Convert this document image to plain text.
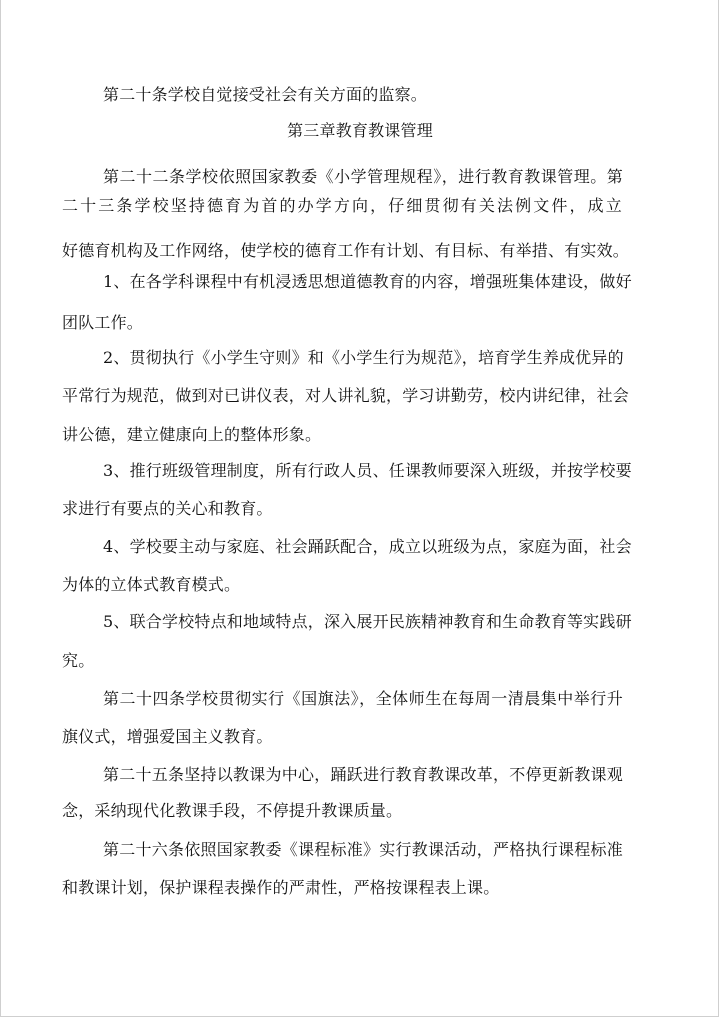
第二十条学校自觉接受社会有关方面的监察。
第三章教育教课管理
第二十二条学校依照国家教委《小学管理规程》，进行教育教课管理。第
二十三条学校坚持德育为首的办学方向，仔细贯彻有关法例文件，成立
好德育机构及工作网络，使学校的德育工作有计划、有目标、有举措、有实效。
1、在各学科课程中有机浸透思想道德教育的内容，增强班集体建设，做好
团队工作。
2、贯彻执行《小学生守则》和《小学生行为规范》，培育学生养成优异的
平常行为规范，做到对已讲仪表，对人讲礼貌，学习讲勤劳，校内讲纪律，社会
讲公德，建立健康向上的整体形象。
3、推行班级管理制度，所有行政人员、任课教师要深入班级，并按学校要
求进行有要点的关心和教育。
4、学校要主动与家庭、社会踊跃配合，成立以班级为点，家庭为面，社会
为体的立体式教育模式。
5、联合学校特点和地域特点，深入展开民族精神教育和生命教育等实践研
究。
第二十四条学校贯彻实行《国旗法》，全体师生在每周一清晨集中举行升
旗仪式，增强爱国主义教育。
第二十五条坚持以教课为中心，踊跃进行教育教课改革，不停更新教课观
念，采纳现代化教课手段，不停提升教课质量。
第二十六条依照国家教委《课程标准》实行教课活动，严格执行课程标准
和教课计划，保护课程表操作的严肃性，严格按课程表上课。
